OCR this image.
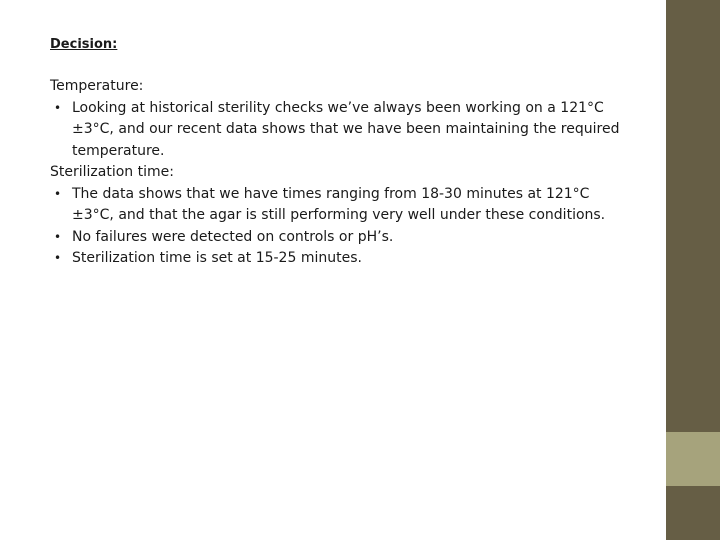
Decision:

Temperature:

• Looking at historical sterility checks we’ve always been working on a 121°C ±3°C, and our recent data shows that we have been maintaining the required temperature.

Sterilization time:

• The data shows that we have times ranging from 18-30 minutes at 121°C ±3°C, and that the agar is still performing very well under these conditions.
• No failures were detected on controls or pH’s.
• Sterilization time is set at 15-25 minutes.
